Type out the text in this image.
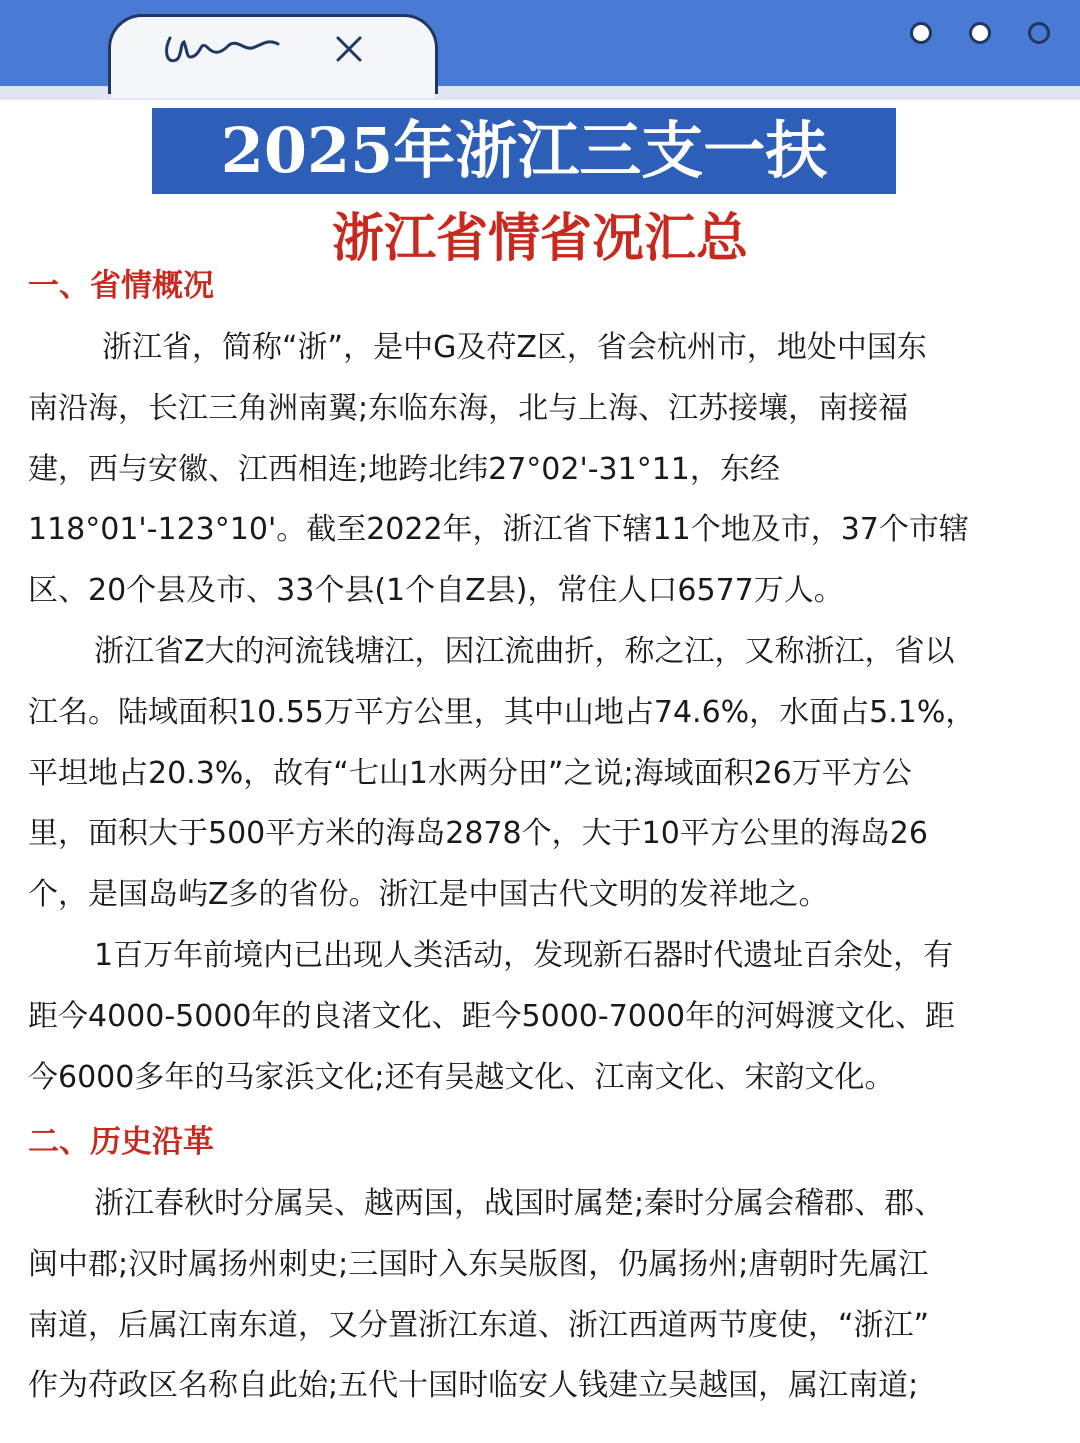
2025年浙江三支一扶
浙江省情省况汇总
一、省情概况
　浙江省，简称“浙”，是中G及苻Z区，省会杭州市，地处中国东
南沿海，长江三角洲南翼;东临东海，北与上海、江苏接壤，南接福
建，西与安徽、江西相连;地跨北纬27°02'-31°11，东经
118°01'-123°10'。截至2022年，浙江省下辖11个地及市，37个市辖
区、20个县及市、33个县(1个自Z县)，常住人口6577万人。
浙江省Z大的河流钱塘江，因江流曲折，称之江，又称浙江，省以
江名。陆域面积10.55万平方公里，其中山地占74.6%，水面占5.1%，
平坦地占20.3%，故有“七山1水两分田”之说;海域面积26万平方公
里，面积大于500平方米的海岛2878个，大于10平方公里的海岛26
个，是国岛屿Z多的省份。浙江是中国古代文明的发祥地之。
1百万年前境内已出现人类活动，发现新石器时代遗址百余处，有
距今4000-5000年的良渚文化、距今5000-7000年的河姆渡文化、距
今6000多年的马家浜文化;还有吴越文化、江南文化、宋韵文化。
二、历史沿革
浙江春秋时分属吴、越两国，战国时属楚;秦时分属会稽郡、郡、
闽中郡;汉时属扬州刺史;三国时入东吴版图，仍属扬州;唐朝时先属江
南道，后属江南东道，又分置浙江东道、浙江西道两节度使，“浙江”
作为苻政区名称自此始;五代十国时临安人钱建立吴越国，属江南道;
